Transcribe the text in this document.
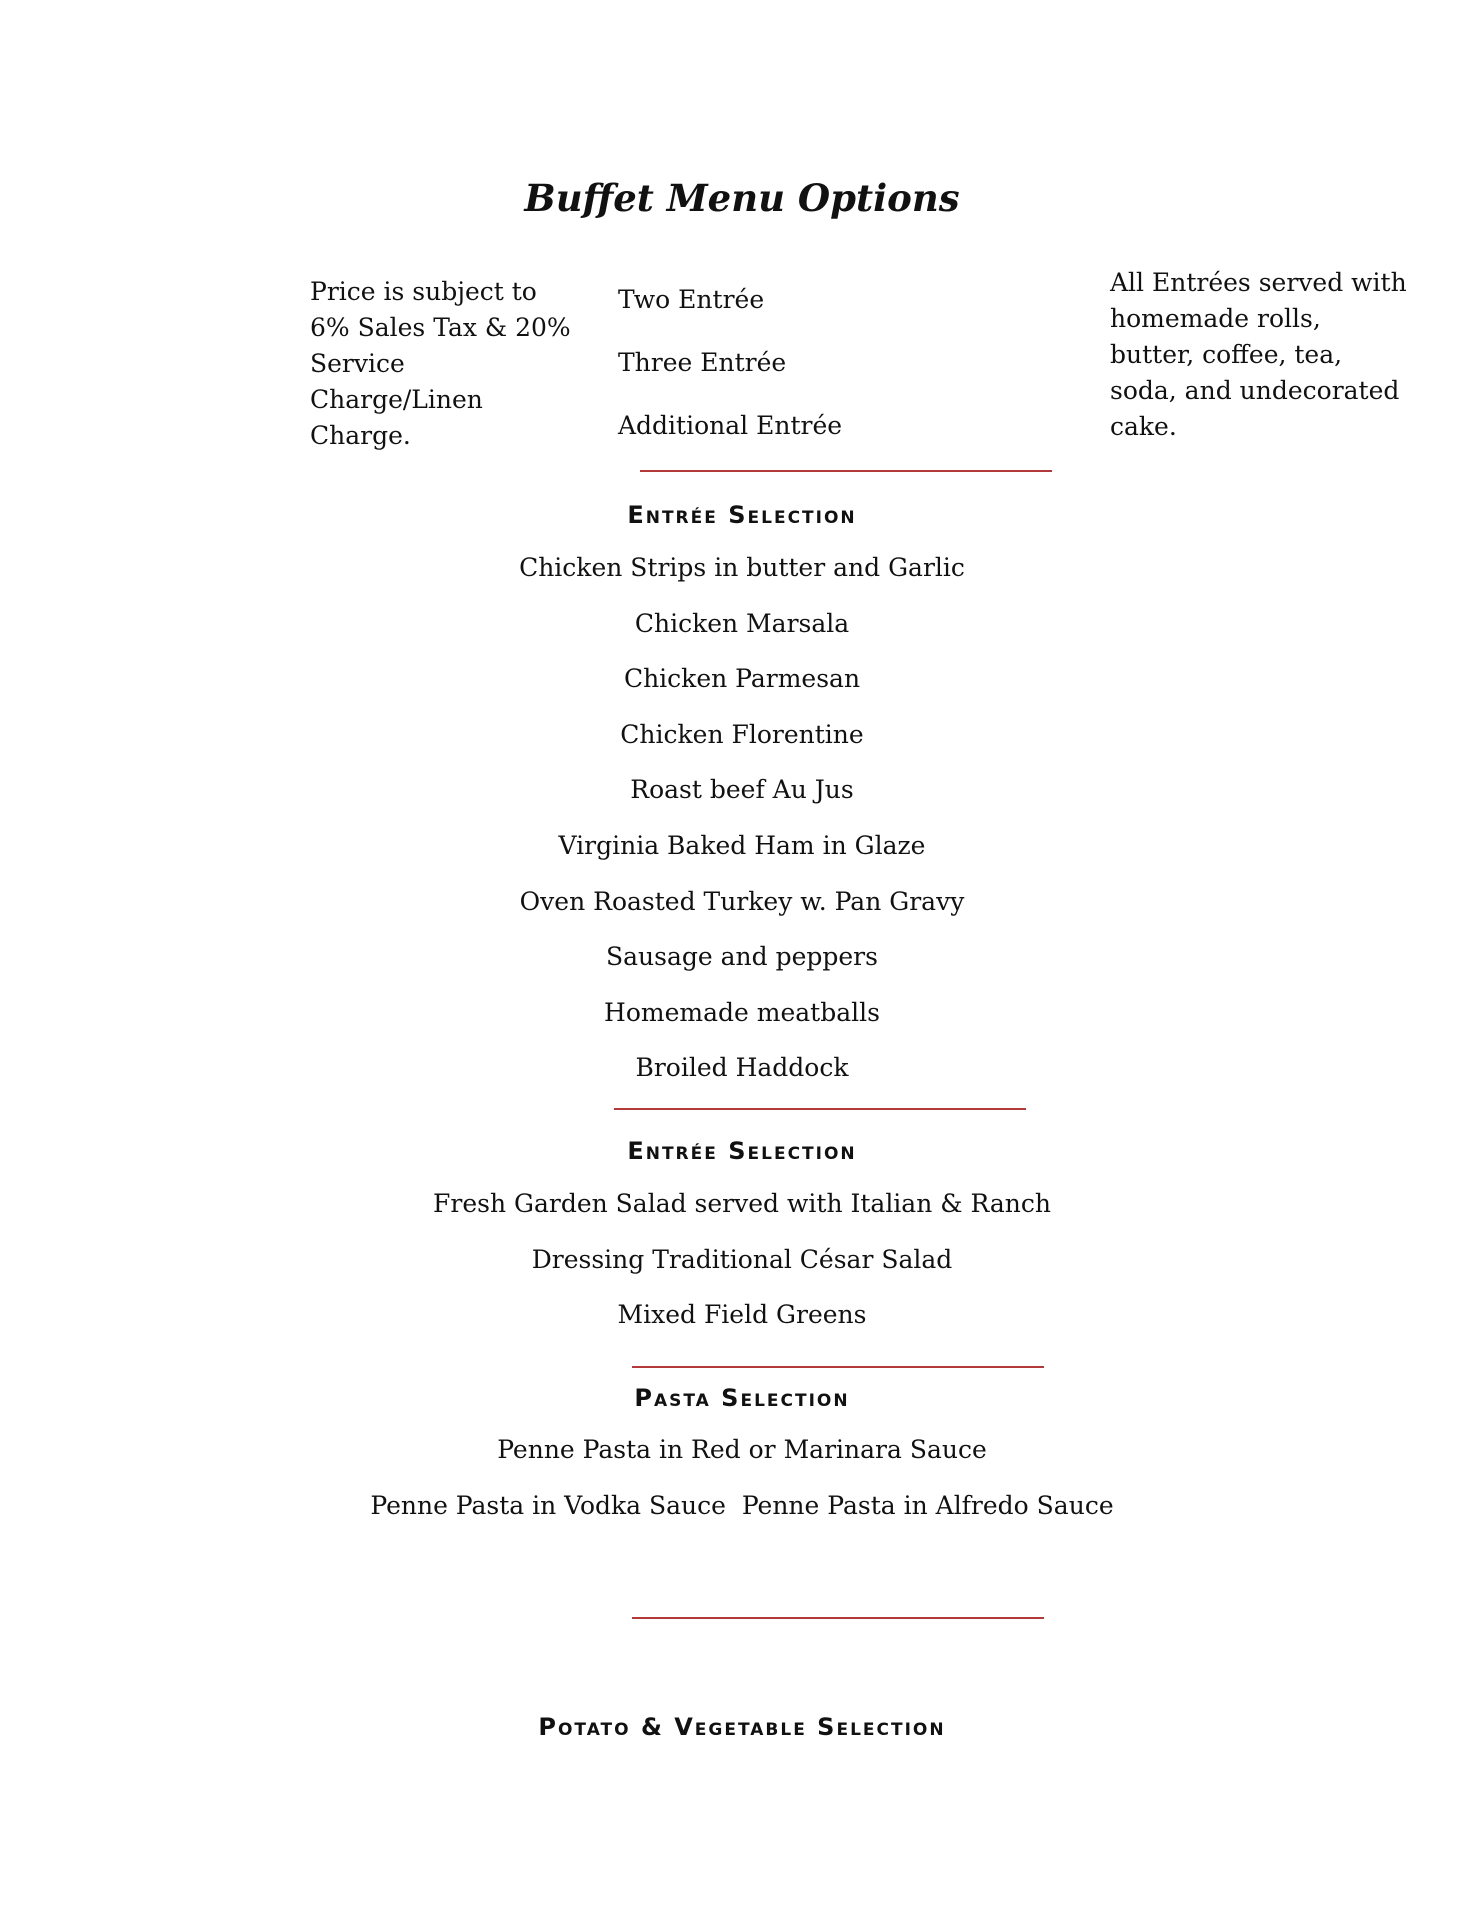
Buffet Menu Options
Price is subject to 6% Sales Tax & 20% Service Charge/Linen Charge.
Two Entrée
Three Entrée
Additional Entrée
All Entrées served with homemade rolls, butter, coffee, tea, soda, and undecorated cake.
Entrée Selection
Chicken Strips in butter and Garlic
Chicken Marsala
Chicken Parmesan
Chicken Florentine
Roast beef Au Jus
Virginia Baked Ham in Glaze
Oven Roasted Turkey w. Pan Gravy
Sausage and peppers
Homemade meatballs
Broiled Haddock
Entrée Selection
Fresh Garden Salad served with Italian & Ranch
Dressing Traditional César Salad
Mixed Field Greens
Pasta Selection
Penne Pasta in Red or Marinara Sauce
Penne Pasta in Vodka Sauce  Penne Pasta in Alfredo Sauce
Potato & Vegetable Selection
